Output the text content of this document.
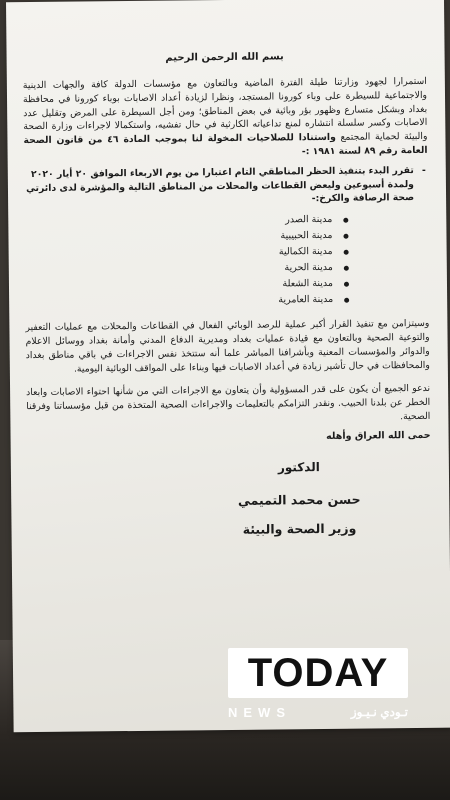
بسم الله الرحمن الرحيم

استمرارا لجهود وزارتنا طيلة الفترة الماضية وبالتعاون مع مؤسسات الدولة كافة والجهات الدينية والاجتماعية للسيطرة على وباء كورونا المستجد، ونظرا لزيادة أعداد الاصابات بوباء كورونا في محافظة بغداد وبشكل متسارع وظهور بؤر وبائية في بعض المناطق؛ ومن أجل السيطرة على المرض وتقليل عدد الاصابات وكسر سلسلة انتشاره لمنع تداعياته الكارثية في حال تفشيه، واستكمالا لاجراءات وزارة الصحة والبيئة لحماية المجتمع واستنادا للصلاحيات المخولة لنا بموجب المادة ٤٦ من قانون الصحة العامة رقم ٨٩ لسنة ١٩٨١ :-

- تقرر البدء بتنفيذ الحظر المناطقي التام اعتبارا من يوم الاربعاء الموافق ٢٠ أيار ٢٠٢٠ ولمدة أسبوعين وليعض القطاعات والمحلات من المناطق التالية والمؤشرة لدى دائرتي صحة الرصافة والكرخ:-

مدينة الصدر
مدينة الحبيبية
مدينة الكمالية
مدينة الحرية
مدينة الشعلة
مدينة العامرية

وسيتزامن مع تنفيذ القرار أكبر عملية للرصد الوبائي الفعال في القطاعات والمحلات مع عمليات التعفير والتوعية الصحية وبالتعاون مع قيادة عمليات بغداد ومديرية الدفاع المدني وأمانة بغداد ووسائل الاعلام والدوائر والمؤسسات المعنية وبأشرافنا المباشر علما أنه ستتخذ نفس الاجراءات في باقي مناطق بغداد والمحافظات في حال تأشير زيادة في أعداد الاصابات فيها وبناءا على المواقف الوبائية اليومية.

ندعو الجميع أن يكون على قدر المسؤولية وأن يتعاون مع الاجراءات التي من شأنها احتواء الاصابات وابعاد الخطر عن بلدنا الحبيب. ونقدر التزامكم بالتعليمات والاجراءات الصحية المتخذة من قبل مؤسساتنا وفرقنا الصحية.

حمى الله العراق وأهله

الدكتور

حسن محمد التميمي

وزير الصحة والبيئة

TODAY
NEWS	تـودي نـيـوز
